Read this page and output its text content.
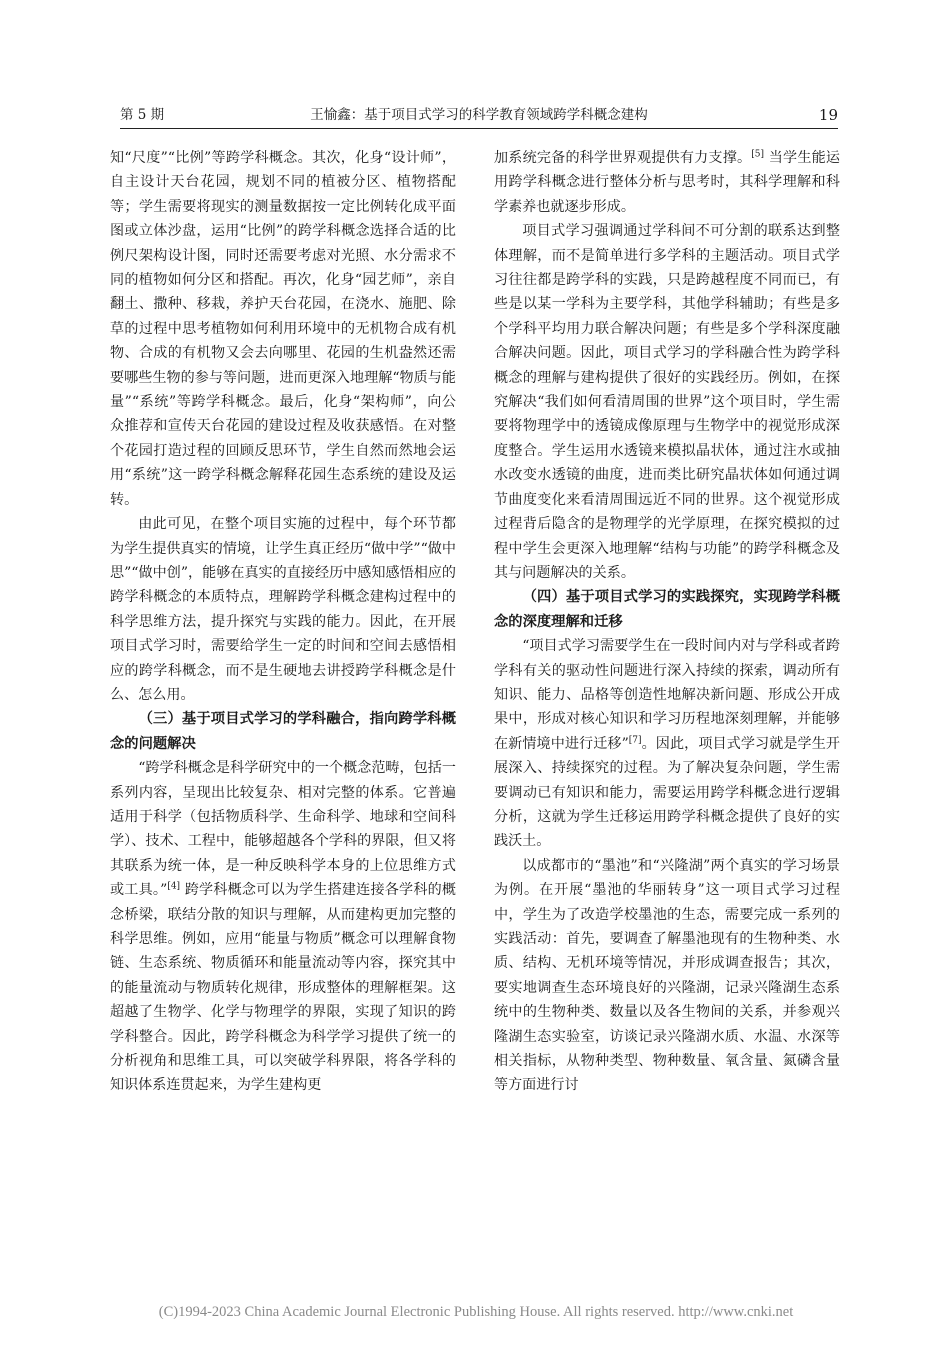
第 5 期	王愉鑫：基于项目式学习的科学教育领域跨学科概念建构	19

知“尺度”“比例”等跨学科概念。其次，化身“设计师”，自主设计天台花园，规划不同的植被分区、植物搭配等；学生需要将现实的测量数据按一定比例转化成平面图或立体沙盘，运用“比例”的跨学科概念选择合适的比例尺架构设计图，同时还需要考虑对光照、水分需求不同的植物如何分区和搭配。再次，化身“园艺师”，亲自翻土、撒种、移栽，养护天台花园，在浇水、施肥、除草的过程中思考植物如何利用环境中的无机物合成有机物、合成的有机物又会去向哪里、花园的生机盎然还需要哪些生物的参与等问题，进而更深入地理解“物质与能量”“系统”等跨学科概念。最后，化身“架构师”，向公众推荐和宣传天台花园的建设过程及收获感悟。在对整个花园打造过程的回顾反思环节，学生自然而然地会运用“系统”这一跨学科概念解释花园生态系统的建设及运转。

由此可见，在整个项目实施的过程中，每个环节都为学生提供真实的情境，让学生真正经历“做中学”“做中思”“做中创”，能够在真实的直接经历中感知感悟相应的跨学科概念的本质特点，理解跨学科概念建构过程中的科学思维方法，提升探究与实践的能力。因此，在开展项目式学习时，需要给学生一定的时间和空间去感悟相应的跨学科概念，而不是生硬地去讲授跨学科概念是什么、怎么用。

（三）基于项目式学习的学科融合，指向跨学科概念的问题解决

“跨学科概念是科学研究中的一个概念范畴，包括一系列内容，呈现出比较复杂、相对完整的体系。它普遍适用于科学（包括物质科学、生命科学、地球和空间科学）、技术、工程中，能够超越各个学科的界限，但又将其联系为统一体，是一种反映科学本身的上位思维方式或工具。”[4] 跨学科概念可以为学生搭建连接各学科的概念桥梁，联结分散的知识与理解，从而建构更加完整的科学思维。例如，应用“能量与物质”概念可以理解食物链、生态系统、物质循环和能量流动等内容，探究其中的能量流动与物质转化规律，形成整体的理解框架。这超越了生物学、化学与物理学的界限，实现了知识的跨学科整合。因此，跨学科概念为科学学习提供了统一的分析视角和思维工具，可以突破学科界限，将各学科的知识体系连贯起来，为学生建构更

加系统完备的科学世界观提供有力支撑。[5] 当学生能运用跨学科概念进行整体分析与思考时，其科学理解和科学素养也就逐步形成。

项目式学习强调通过学科间不可分割的联系达到整体理解，而不是简单进行多学科的主题活动。项目式学习往往都是跨学科的实践，只是跨越程度不同而已，有些是以某一学科为主要学科，其他学科辅助；有些是多个学科平均用力联合解决问题；有些是多个学科深度融合解决问题。因此，项目式学习的学科融合性为跨学科概念的理解与建构提供了很好的实践经历。例如，在探究解决“我们如何看清周围的世界”这个项目时，学生需要将物理学中的透镜成像原理与生物学中的视觉形成深度整合。学生运用水透镜来模拟晶状体，通过注水或抽水改变水透镜的曲度，进而类比研究晶状体如何通过调节曲度变化来看清周围远近不同的世界。这个视觉形成过程背后隐含的是物理学的光学原理，在探究模拟的过程中学生会更深入地理解“结构与功能”的跨学科概念及其与问题解决的关系。

（四）基于项目式学习的实践探究，实现跨学科概念的深度理解和迁移

“项目式学习需要学生在一段时间内对与学科或者跨学科有关的驱动性问题进行深入持续的探索，调动所有知识、能力、品格等创造性地解决新问题、形成公开成果中，形成对核心知识和学习历程地深刻理解，并能够在新情境中进行迁移”[7]。因此，项目式学习就是学生开展深入、持续探究的过程。为了解决复杂问题，学生需要调动已有知识和能力，需要运用跨学科概念进行逻辑分析，这就为学生迁移运用跨学科概念提供了良好的实践沃土。

以成都市的“墨池”和“兴隆湖”两个真实的学习场景为例。在开展“墨池的华丽转身”这一项目式学习过程中，学生为了改造学校墨池的生态，需要完成一系列的实践活动：首先，要调查了解墨池现有的生物种类、水质、结构、无机环境等情况，并形成调查报告；其次，要实地调查生态环境良好的兴隆湖，记录兴隆湖生态系统中的生物种类、数量以及各生物间的关系，并参观兴隆湖生态实验室，访谈记录兴隆湖水质、水温、水深等相关指标，从物种类型、物种数量、氧含量、氮磷含量等方面进行讨

(C)1994-2023 China Academic Journal Electronic Publishing House. All rights reserved. http://www.cnki.net
